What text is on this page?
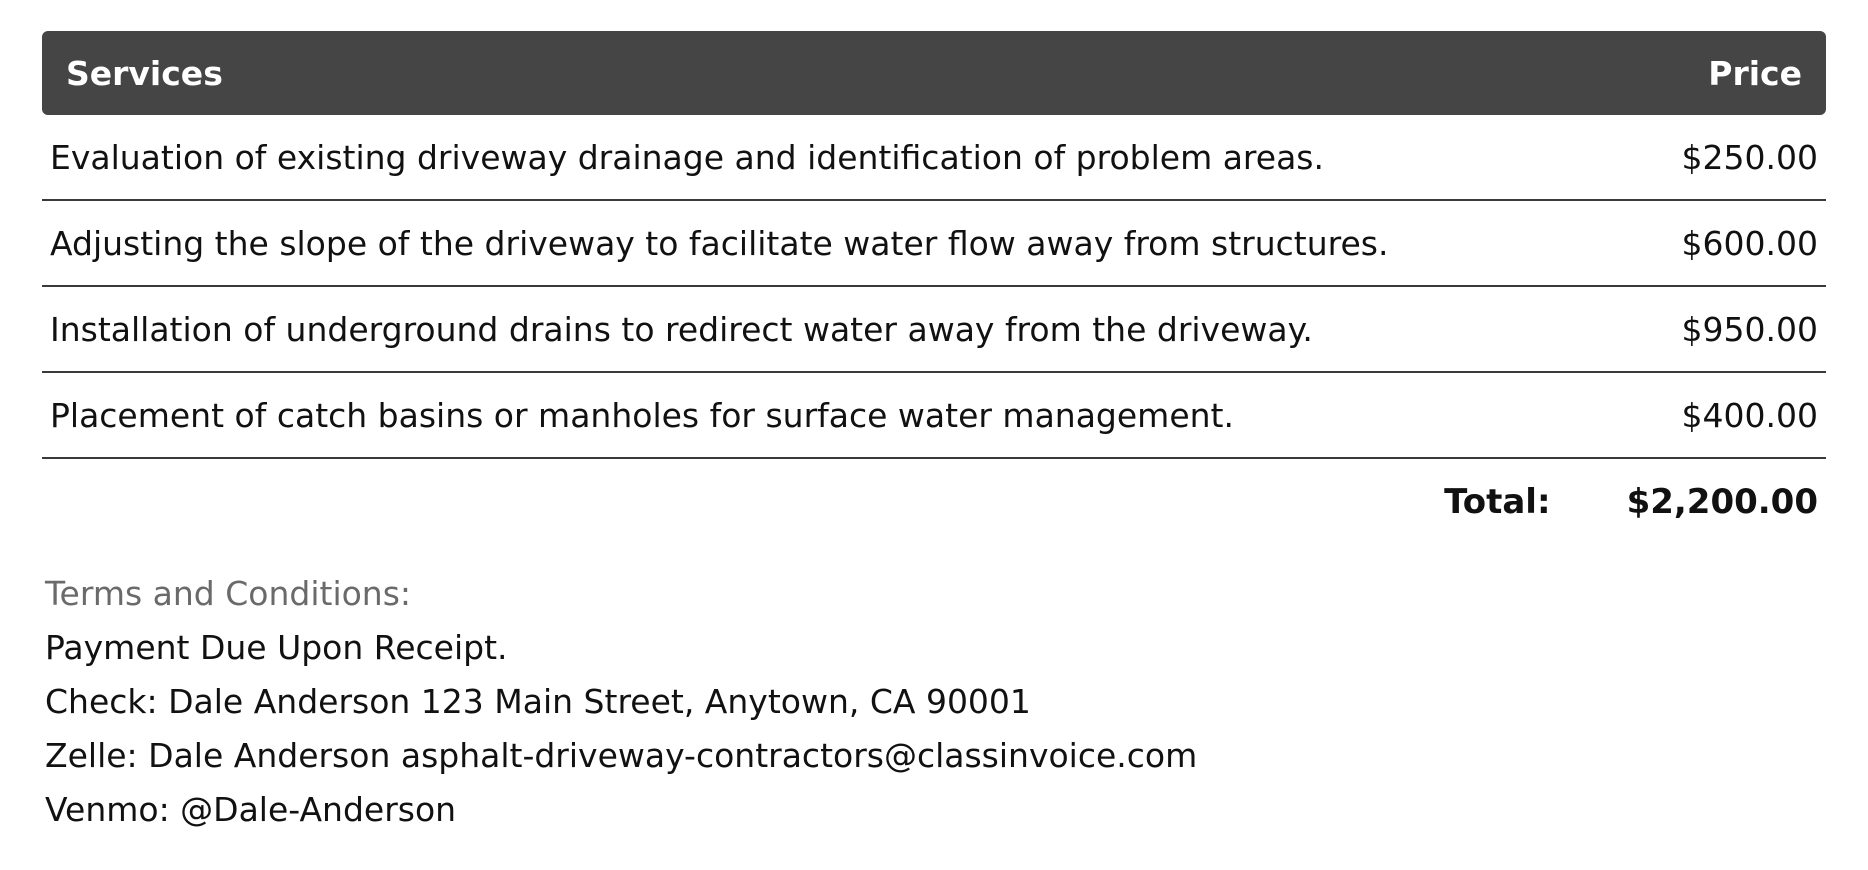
Services	Price
Evaluation of existing driveway drainage and identification of problem areas.	$250.00
Adjusting the slope of the driveway to facilitate water flow away from structures.	$600.00
Installation of underground drains to redirect water away from the driveway.	$950.00
Placement of catch basins or manholes for surface water management.	$400.00
Total: $2,200.00
Terms and Conditions:
Payment Due Upon Receipt.
Check: Dale Anderson 123 Main Street, Anytown, CA 90001
Zelle: Dale Anderson asphalt-driveway-contractors@classinvoice.com
Venmo: @Dale-Anderson
